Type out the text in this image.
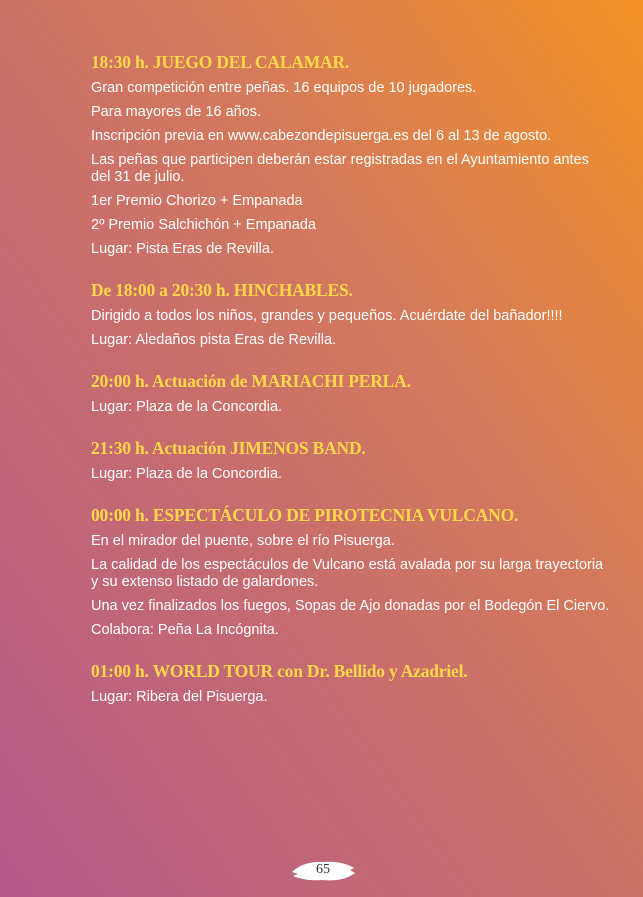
18:30 h. JUEGO DEL CALAMAR.
Gran competición entre peñas. 16 equipos de 10 jugadores.
Para mayores de 16 años.
Inscripción previa en www.cabezondepisuerga.es del 6 al 13 de agosto.
Las peñas que participen deberán estar registradas en el Ayuntamiento antes del 31 de julio.
1er Premio Chorizo + Empanada
2º Premio Salchichón + Empanada
Lugar: Pista Eras de Revilla.
De 18:00 a 20:30 h. HINCHABLES.
Dirigido a todos los niños, grandes y pequeños. Acuérdate del bañador!!!!
Lugar: Aledaños pista Eras de Revilla.
20:00 h. Actuación de MARIACHI PERLA.
Lugar: Plaza de la Concordia.
21:30 h. Actuación JIMENOS BAND.
Lugar: Plaza de la Concordia.
00:00 h. ESPECTÁCULO DE PIROTECNIA VULCANO.
En el mirador del puente, sobre el río Pisuerga.
La calidad de los espectáculos de Vulcano está avalada por su larga trayectoria y su extenso listado de galardones.
Una vez finalizados los fuegos, Sopas de Ajo donadas por el Bodegón El Ciervo.
Colabora: Peña La Incógnita.
01:00 h. WORLD TOUR con Dr. Bellido y Azadriel.
Lugar: Ribera del Pisuerga.
65
